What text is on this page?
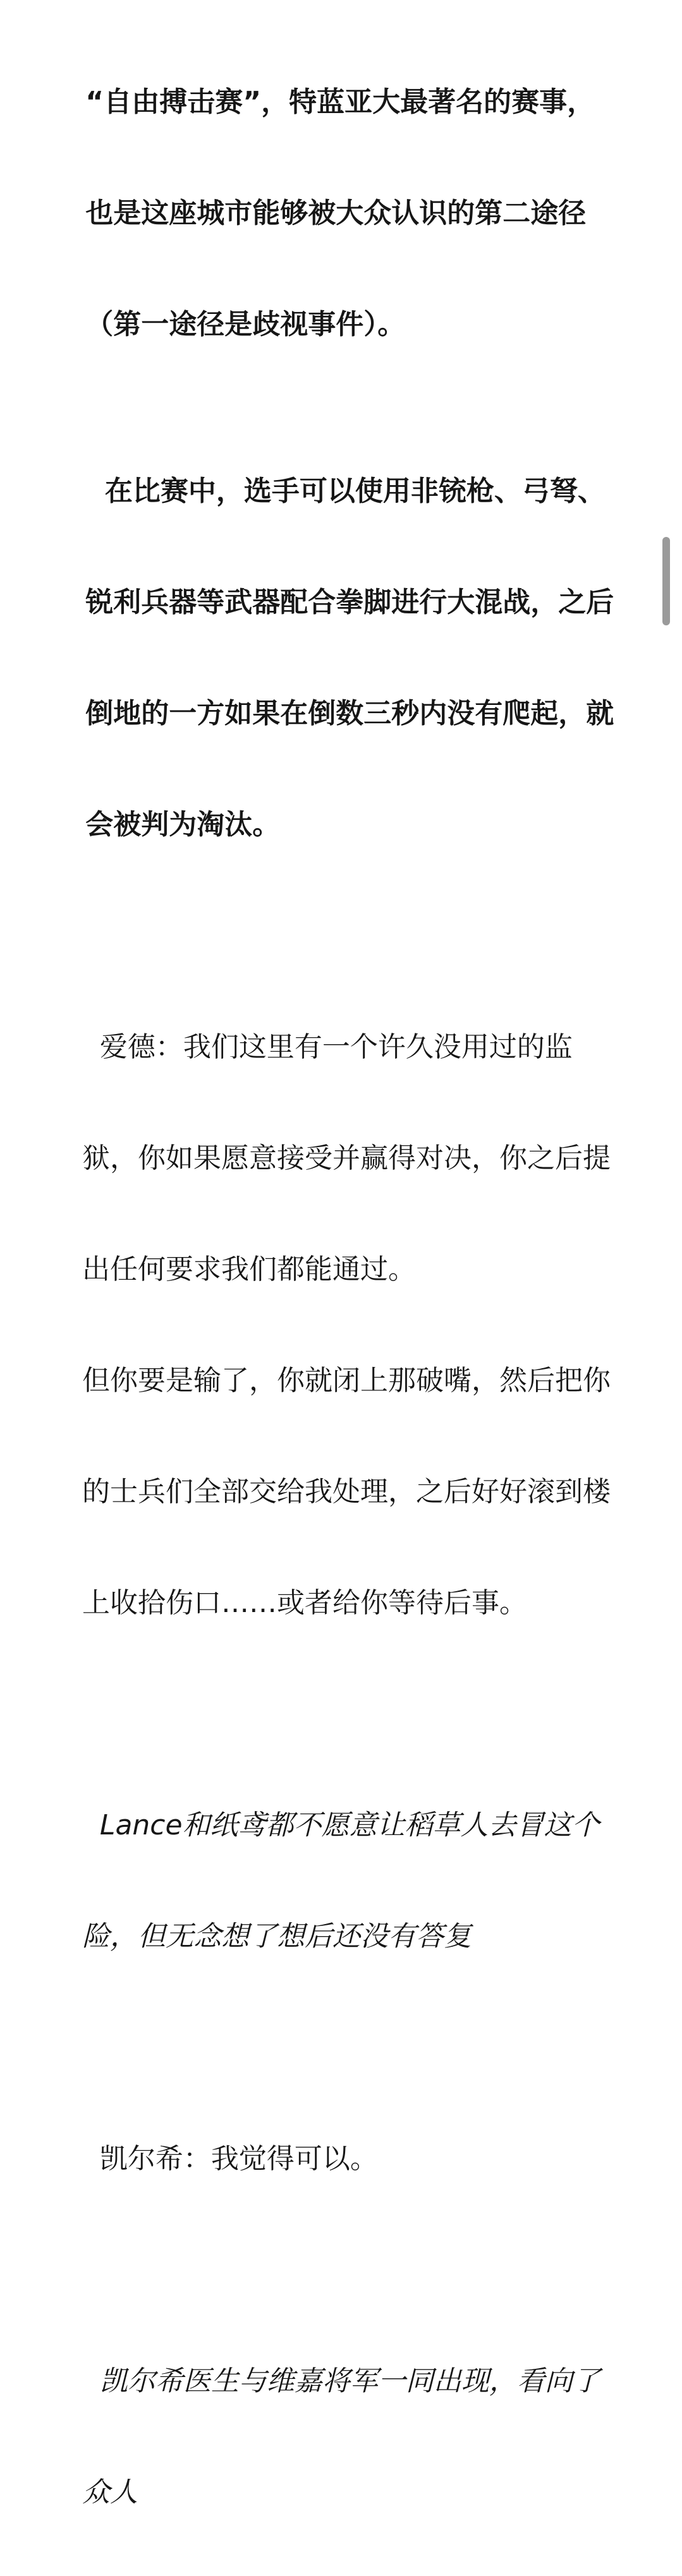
“自由搏击赛”，特蓝亚大最著名的赛事，

也是这座城市能够被大众认识的第二途径

（第一途径是歧视事件）。

在比赛中，选手可以使用非铳枪、弓弩、

锐利兵器等武器配合拳脚进行大混战，之后

倒地的一方如果在倒数三秒内没有爬起，就

会被判为淘汰。

爱德：我们这里有一个许久没用过的监

狱，你如果愿意接受并赢得对决，你之后提

出任何要求我们都能通过。

但你要是输了，你就闭上那破嘴，然后把你

的士兵们全部交给我处理，之后好好滚到楼

上收拾伤口……或者给你等待后事。

Lance和纸鸢都不愿意让稻草人去冒这个

险，但无念想了想后还没有答复

凯尔希：我觉得可以。

凯尔希医生与维嘉将军一同出现，看向了

众人
